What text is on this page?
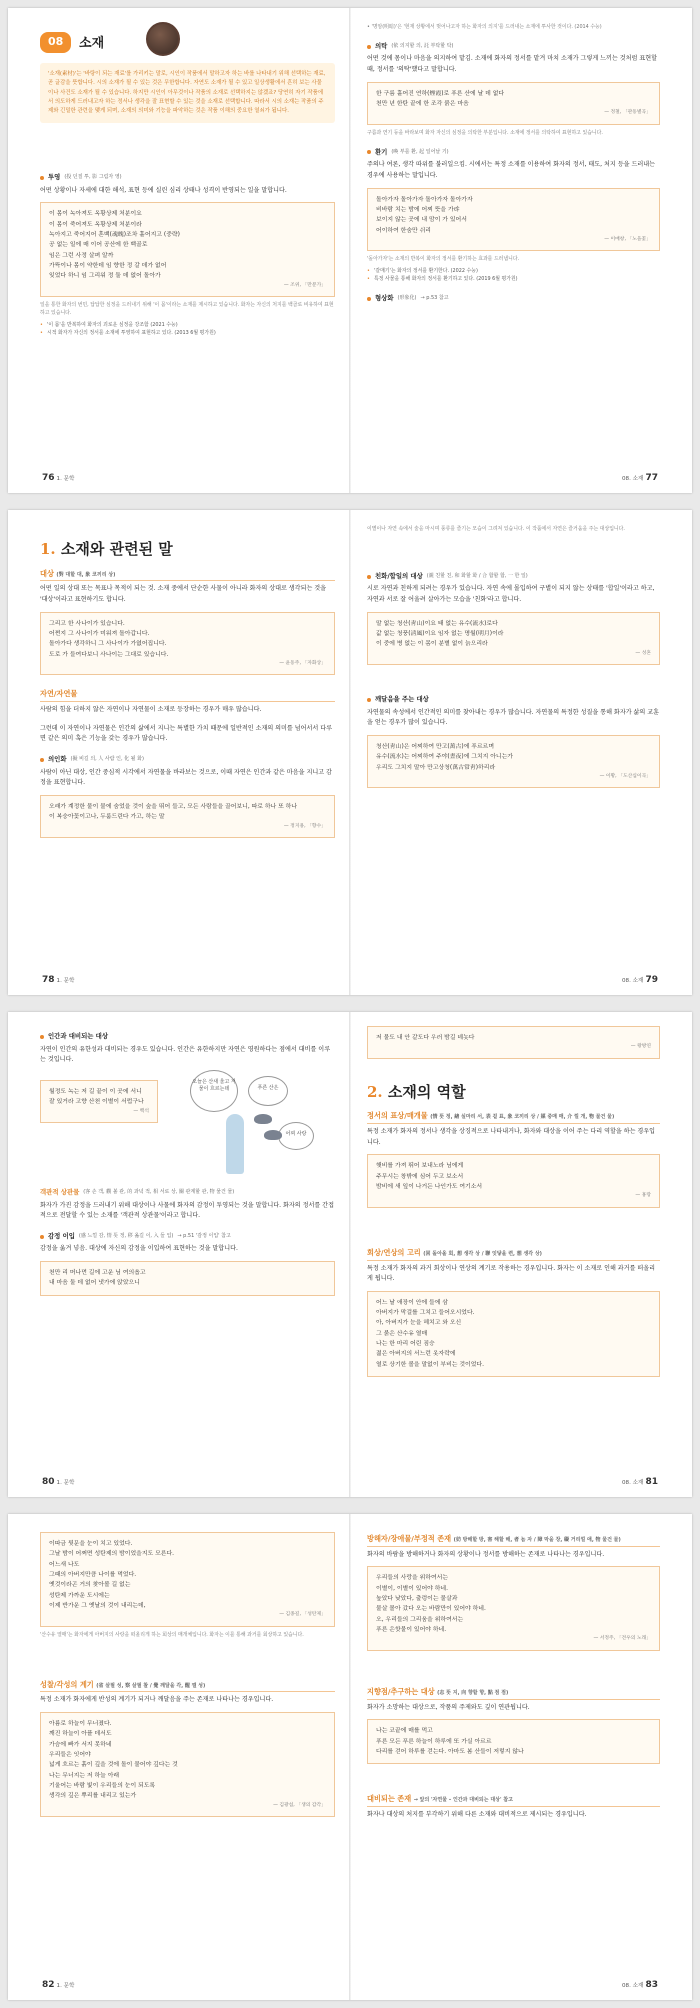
08 소재
'소재(素材)'는 '바탕이 되는 재료'를 가리키는 말로, 시인이 작품에서 말하고자 하는 바를 나타내기 위해 선택하는 재료, 곧 글감을 뜻합니다. 시의 소재가 될 수 있는 것은 무한합니다. 자연도 소재가 될 수 있고 일상생활에서 흔히 보는 사물이나 사건도 소재가 될 수 있습니다. 하지만 시인이 아무것이나 작품의 소재로 선택하지는 않겠죠? 당연히 자기 작품에서 의도하게 드러내고자 하는 정서나 생각을 잘 표현할 수 있는 것을 소재로 선택합니다. 따라서 시의 소재는 작품의 주제와 긴밀한 관련을 맺게 되며, 소재의 의미와 기능을 파악하는 것은 작품 이해의 중요한 열쇠가 됩니다.
투영 (投 던질 투, 影 그림자 영)
어떤 상황이나 자세에 대한 해석, 표현 등에 실린 심리 상태나 성격이 반영되는 일을 말합니다.
이 몸이 녹아져도 옥황상제 처분이요
이 몸이 죽어져도 옥황상제 처분이라
녹아지고 죽어지어 혼백(魂魄)조차 흩어지고 (중략)
공 없는 일에 매 이어 공산에 한 백골로
임은 그런 사정 살펴 알까
가뜩이나 몸이 약한데 임 향한 정 갈 데가 없어
잊었다 하니 임 그리워 정 둘 데 없어 돌아가
— 조위, 「만분가」
일을 통한 화자의 번민, 답답한 심정을 드러내기 위해 '이 몸'이라는 소재를 제시하고 있습니다. 화자는 자신의 처지를 백골로 비유하여 표현하고 있습니다.
• '이 몸'을 반복하여 화자의 괴로운 심정을 강조함 (2021 수능)
• 시적 화자가 자신의 정서를 소재에 투영하여 표현하고 있다. (2013 6월 평가원)
76 1. 문학
• '명암(明暗)'은 '현재 상황에서 벗어나고자 하는 화자의 의지'를 드러내는 소재에 투사한 것이다. (2014 수능)
의탁 (依 의지할 의, 託 부탁할 탁)
어떤 것에 몸이나 마음을 의지하여 맡김. 소재에 화자의 정서를 맡겨 마치 소재가 그렇게 느끼는 것처럼 표현할 때, 정서를 '의탁'했다고 말합니다.
한 구름 흩어진 연하(煙霞)로 푸른 산에 날 데 없다
천만 년 한탄 끝에 한 조각 붉은 마음
— 정철, 「관동별곡」
구름과 연기 등을 바라보며 화자 자신의 심정을 의탁한 부분입니다. 소재에 정서를 의탁하여 표현하고 있습니다.
환기 (喚 부를 환, 起 일어날 기)
주의나 여론, 생각 따위를 불러일으킴. 시에서는 특정 소재를 이용하여 화자의 정서, 태도, 처지 등을 드러내는 경우에 사용하는 말입니다.
돌아가자 돌아가자 돌아가자 돌아가자
비바람 치는 밤에 어찌 뜻을 가랴
보이지 않는 곳에 내 맘이 가 있어서
어이하여 한숨만 쉬리
— 이매창, 「노을꽃」
'돌아가자'는 소재의 반복이 화자의 정서를 환기하는 효과를 드러냅니다.
• '갈매기'는 화자의 정서를 환기한다. (2022 수능)
• 특정 사물을 통해 화자의 정서를 환기하고 있다. (2019 6월 평가원)
형상화 (形象化) → p.53 참고
08. 소재 77
1. 소재와 관련된 말
대상 (對 대할 대, 象 코끼리 상)
어떤 일의 상대 또는 목표나 목적이 되는 것. 소재 중에서 단순한 사물이 아니라 화자의 상대로 생각되는 것을 '대상'이라고 표현하기도 합니다.
그리고 한 사나이가 있습니다.
어쩐지 그 사나이가 미워져 돌아갑니다.
돌아가다 생각하니 그 사나이가 가엾어집니다.
도로 가 들여다보니 사나이는 그대로 있습니다.
— 윤동주, 「자화상」
자연/자연물
사람의 힘을 더하지 않은 자연이나 자연물이 소재로 등장하는 경우가 매우 많습니다.
그런데 이 자연이나 자연물은 인간의 삶에서 지니는 특별한 가치 때문에 일반적인 소재의 의미를 넘어서서 다루면 같은 의미 혹은 기능을 갖는 경우가 많습니다.
의인화 (擬 비길 의, 人 사람 인, 化 될 화)
사람이 아닌 대상, 인간 중심적 시각에서 자연물을 바라보는 것으로, 이때 자연은 인간과 같은 마음을 지니고 감정을 표현합니다.
오래가 계정한 물이 물에 숨었을 것이 숲을 뛰어 들고, 모든 사람들을 끌어보니, 따로 하나 또 하나
이 복숭아꽃이고나, 두룸드린다 가고, 하는 말
— 정지용, 「향수」
78 1. 문학
이별이나 자연 속에서 술을 마시며 풍류를 즐기는 모습이 그려져 있습니다. 이 작품에서 자연은 즐거움을 주는 대상입니다.
친화/합일의 대상 (親 친할 친, 和 화할 화 / 合 합할 합, 一 한 일)
시로 자연과 친하게 되려는 경우가 있습니다. 자연 속에 몰입하여 구별이 되지 않는 상태를 '합일'이라고 하고, 자연과 서로 잘 어울려 살아가는 모습을 '친화'라고 합니다.
말 없는 청산(靑山)이요 태 없는 유수(流水)로다
값 없는 청풍(淸風)이요 임자 없는 명월(明月)이라
이 중에 병 없는 이 몸이 분별 없이 늙으리라
— 성혼
깨달음을 주는 대상
자연물의 속성에서 인간적인 의미를 찾아내는 경우가 많습니다. 자연물의 특정한 성질을 통해 화자가 삶의 교훈을 얻는 경우가 많이 있습니다.
청산(靑山)은 어찌하여 만고(萬古)에 푸르르며
유수(流水)는 어찌하여 주야(晝夜)에 그치지 아니는가
우리도 그치지 말아 만고상청(萬古常靑)하리라
— 이황, 「도산십이곡」
08. 소재 79
인간과 대비되는 대상
자연이 인간의 유한성과 대비되는 경우도 있습니다. 인간은 유한하지만 자연은 영원하다는 점에서 대비를 이루는 것입니다.
월정도 녹는 저 길 끝이 이 곳에 서니
잘 있거라 고향 산천 이별이 서럽구나
— 백석
오늘은 산새 울고 저 물이 흐르는데	푸른 산은
어찌 사랑
객관적 상관물 (客 손 객, 觀 볼 관, 的 과녁 적, 相 서로 상, 關 관계할 관, 物 물건 물)
화자가 가진 감정을 드러내기 위해 대상이나 사물에 화자의 감정이 투영되는 것을 말합니다. 화자의 정서를 간접적으로 전달할 수 있는 소재를 '객관적 상관물'이라고 합니다.
감정 이입 (感 느낄 감, 情 뜻 정, 移 옮길 이, 入 들 입) → p.51 '감정 이입' 참고
감정을 옮겨 넣음. 대상에 자신의 감정을 이입하여 표현하는 것을 말합니다.
천만 리 머나먼 길에 고운 님 여의옵고
내 마음 둘 데 없어 냇가에 앉았으니
80 1. 문학
저 물도 내 안 같도다 우러 밤길 녜놋다
— 왕방연
2. 소재의 역할
정서의 표상/매개물 (情 뜻 정, 緖 실마리 서, 表 겉 표, 象 코끼리 상 / 媒 중매 매, 介 낄 개, 物 물건 물)
특정 소재가 화자의 정서나 생각을 상징적으로 나타내거나, 화자와 대상을 이어 주는 다리 역할을 하는 경우입니다.
햇비를 가져 뛰어 보내노라 님에게
주무시는 창밖에 심어 두고 보소서
밤비에 새 잎이 나거든 나인가도 여기소서
— 홍랑
회상/연상의 고리 (回 돌아올 회, 想 생각 상 / 聯 잇닿을 련, 想 생각 상)
특정 소재가 화자의 과거 회상이나 연상의 계기로 작용하는 경우입니다. 화자는 이 소재로 인해 과거를 떠올리게 됩니다.
어느 날 애장이 안에 들에 삼
아버지가 막걸를 그치고 들어오시었다.
아, 아버지가 눈을 헤치고 와 오신
그 붉은 산수유 열매
나는 한 마리 어린 짐승
젊은 아버지의 서느런 옷자락에
열로 상기한 볼을 말없이 부비는 것이었다.
08. 소재 81
이따금 뒷문을 눈이 치고 있었다.
그날 밤이 어쩌면 성탄제의 밤이었을지도 모른다.
어느새 나도
그때의 아버지만큼 나이를 먹었다.
옛것이라곤 거의 찾아볼 길 없는
성탄제 가까운 도시에는
이제 반가운 그 옛날의 것이 내리는데,
— 김종길, 「성탄제」
'산수유 열매'는 화자에게 아버지의 사랑을 떠올리게 하는 회상의 매개체입니다. 화자는 이를 통해 과거를 회상하고 있습니다.
성찰/각성의 계기 (省 살필 성, 察 살필 찰 / 覺 깨달을 각, 醒 깰 성)
특정 소재가 화자에게 반성의 계기가 되거나 깨달음을 주는 존재로 나타나는 경우입니다.
아름로 하늘이 무너졌다.
깨진 하늘이 아플 데서도
가슴에 빠가 서지 못하네
우리들은 잇어야
넓게 흐르는 흙이 깊을 것에 돌이 물어야 깊다는 것
나는 무너지는 저 하늘 아래
기울어는 바람 빛이 우리들의 눈이 되도록
생각의 깊은 뿌리를 내리고 있는가
— 김광섭, 「생의 감각」
82 1. 문학
방해자/장애물/부정적 존재 (妨 방해할 방, 害 해할 해, 者 놈 자 / 障 막을 장, 礙 거리낄 애, 物 물건 물)
화자의 바람을 방해하거나 화자의 상황이나 정서를 방해하는 존재로 나타나는 경우입니다.
우리들의 사랑을 위하여서는
이별이, 이별이 있어야 하네.
높았다 낮았다, 출렁이는 물살과
물살 몰아 갔다 오는 바람만이 있어야 하네.
오, 우리들의 그리움을 위하여서는
푸른 은핫물이 있어야 하네.
— 서정주, 「견우의 노래」
지향점/추구하는 대상 (志 뜻 지, 向 향할 향, 點 점 점)
화자가 소망하는 대상으로, 작품의 주제와도 깊이 연관됩니다.
나는 코끝에 매를 먹고
푸른 모든 푸른 하늘이 하루에 또 가실 아르르
다리를 걷어 하루를 걷는다. 아마도 봄 산들이 저렇지 않나
대비되는 존재 → 앞의 '자연물 – 인간과 대비되는 대상' 참고
화자나 대상의 처지를 부각하기 위해 다른 소재와 대비적으로 제시되는 경우입니다.
08. 소재 83
